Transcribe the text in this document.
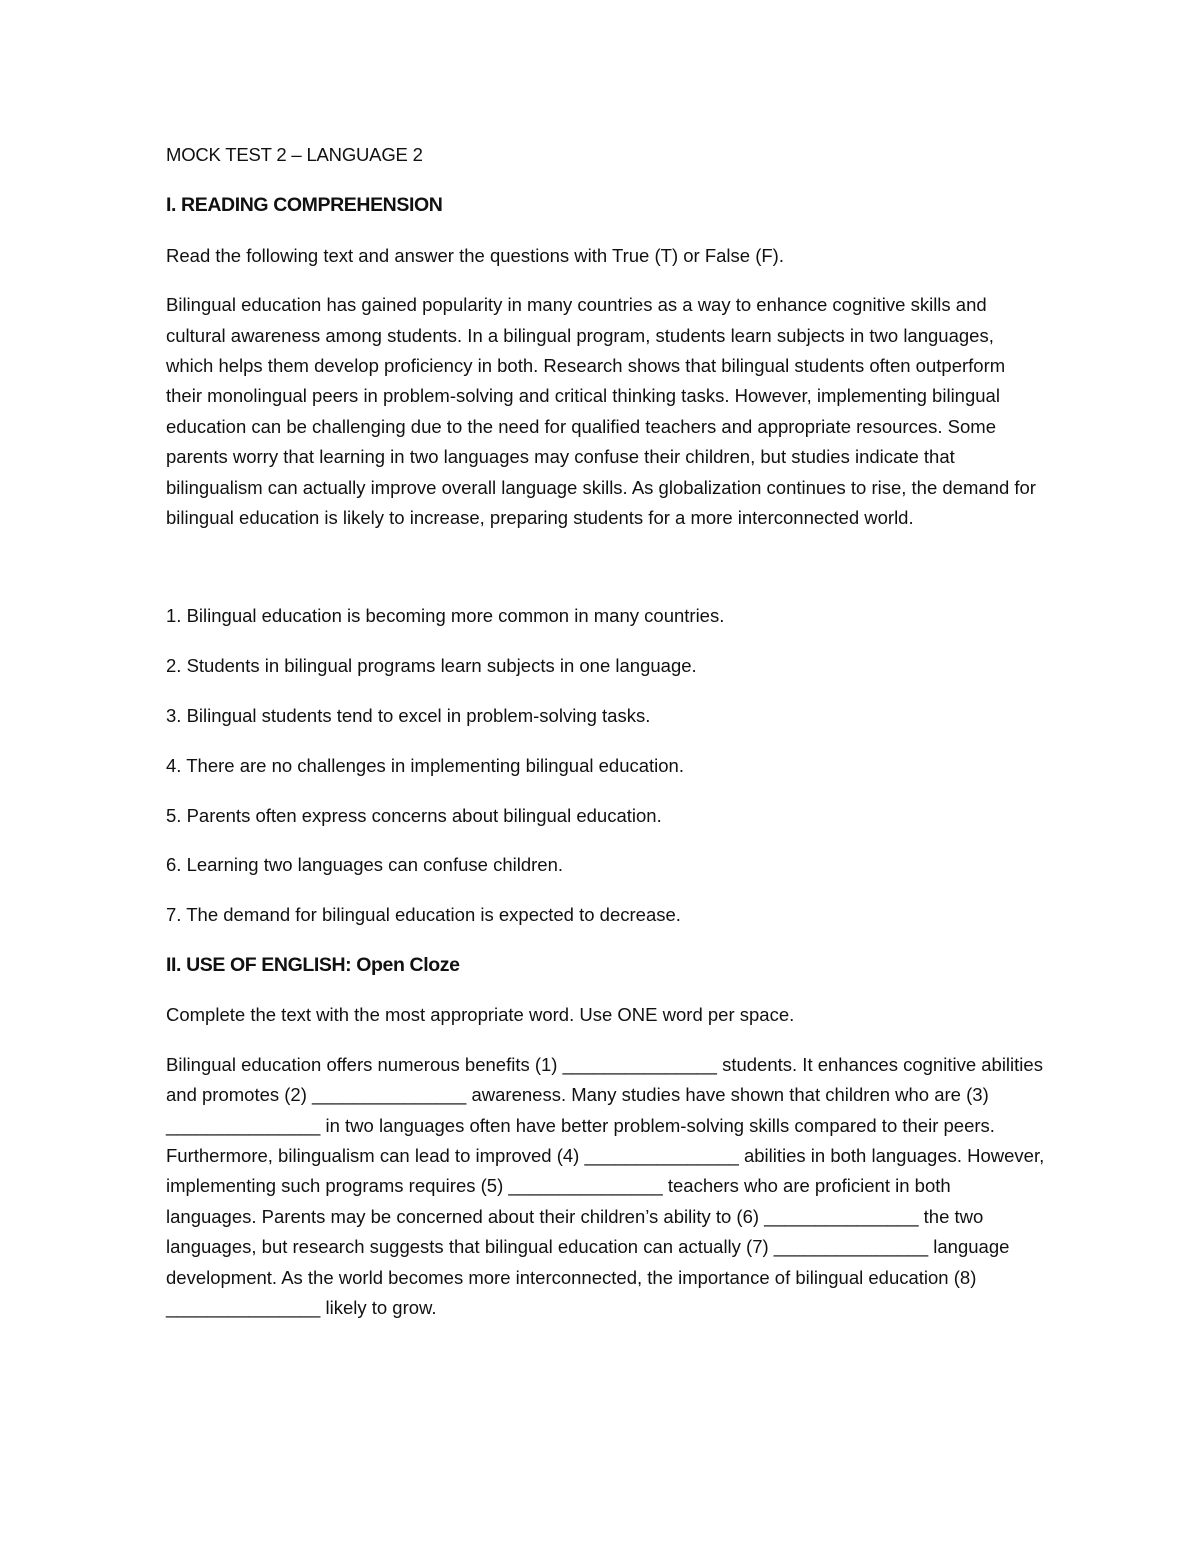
MOCK TEST 2 – LANGUAGE 2
I. READING COMPREHENSION

Read the following text and answer the questions with True (T) or False (F).

Bilingual education has gained popularity in many countries as a way to enhance cognitive skills and cultural awareness among students. In a bilingual program, students learn subjects in two languages, which helps them develop proficiency in both. Research shows that bilingual students often outperform their monolingual peers in problem-solving and critical thinking tasks. However, implementing bilingual education can be challenging due to the need for qualified teachers and appropriate resources. Some parents worry that learning in two languages may confuse their children, but studies indicate that bilingualism can actually improve overall language skills. As globalization continues to rise, the demand for bilingual education is likely to increase, preparing students for a more interconnected world.

1. Bilingual education is becoming more common in many countries.
2. Students in bilingual programs learn subjects in one language.
3. Bilingual students tend to excel in problem-solving tasks.
4. There are no challenges in implementing bilingual education.
5. Parents often express concerns about bilingual education.
6. Learning two languages can confuse children.
7. The demand for bilingual education is expected to decrease.
II. USE OF ENGLISH: Open Cloze

Complete the text with the most appropriate word. Use ONE word per space.

Bilingual education offers numerous benefits (1) _______________ students. It enhances cognitive abilities and promotes (2) _______________ awareness. Many studies have shown that children who are (3) _______________ in two languages often have better problem-solving skills compared to their peers. Furthermore, bilingualism can lead to improved (4) _______________ abilities in both languages. However, implementing such programs requires (5) _______________ teachers who are proficient in both languages. Parents may be concerned about their children’s ability to (6) _______________ the two languages, but research suggests that bilingual education can actually (7) _______________ language development. As the world becomes more interconnected, the importance of bilingual education (8) _______________ likely to grow.
